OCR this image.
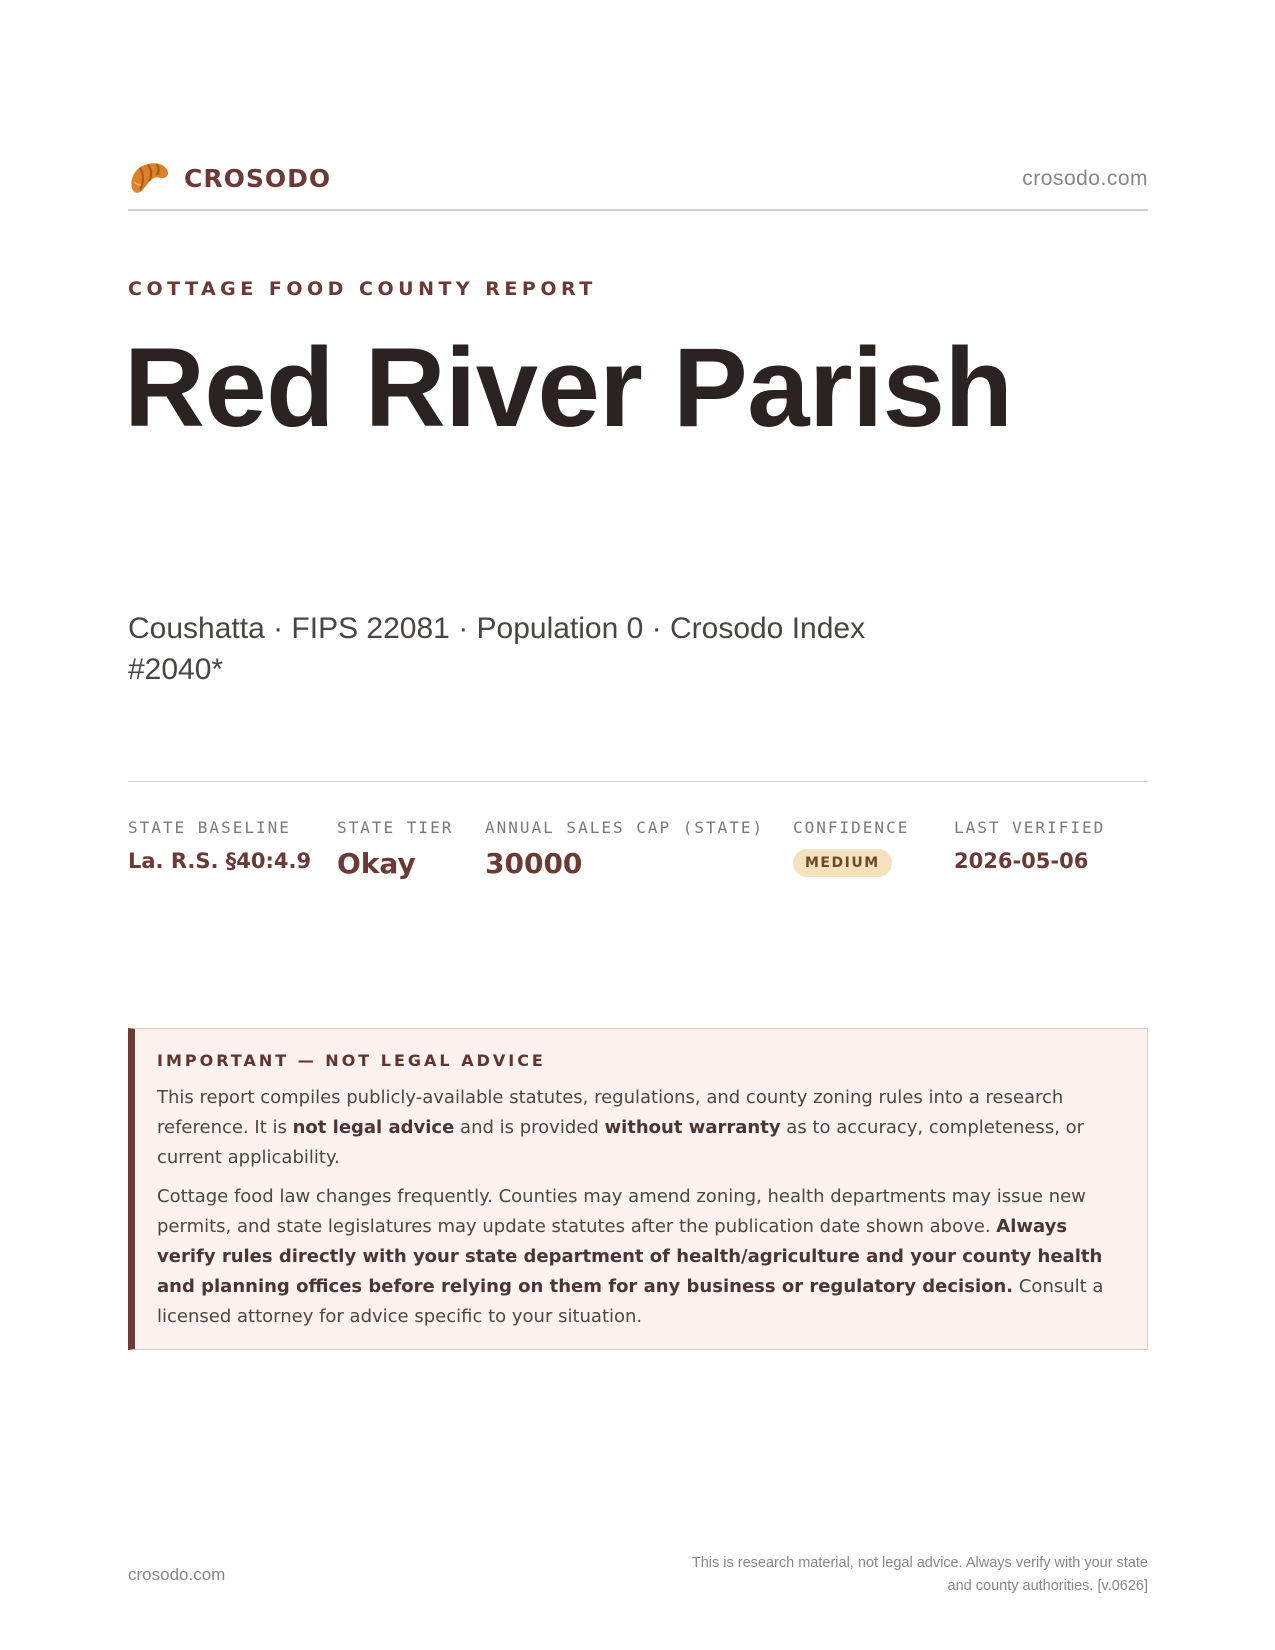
CROSODO	crosodo.com
COTTAGE FOOD COUNTY REPORT
Red River Parish
Coushatta · FIPS 22081 · Population 0 · Crosodo Index #2040*
STATE BASELINE
La. R.S. §40:4.9
STATE TIER
Okay
ANNUAL SALES CAP (STATE)
30000
CONFIDENCE
MEDIUM
LAST VERIFIED
2026-05-06
IMPORTANT — NOT LEGAL ADVICE

This report compiles publicly-available statutes, regulations, and county zoning rules into a research reference. It is not legal advice and is provided without warranty as to accuracy, completeness, or current applicability.

Cottage food law changes frequently. Counties may amend zoning, health departments may issue new permits, and state legislatures may update statutes after the publication date shown above. Always verify rules directly with your state department of health/agriculture and your county health and planning offices before relying on them for any business or regulatory decision. Consult a licensed attorney for advice specific to your situation.

crosodo.com
This is research material, not legal advice. Always verify with your state
and county authorities. [v.0626]
